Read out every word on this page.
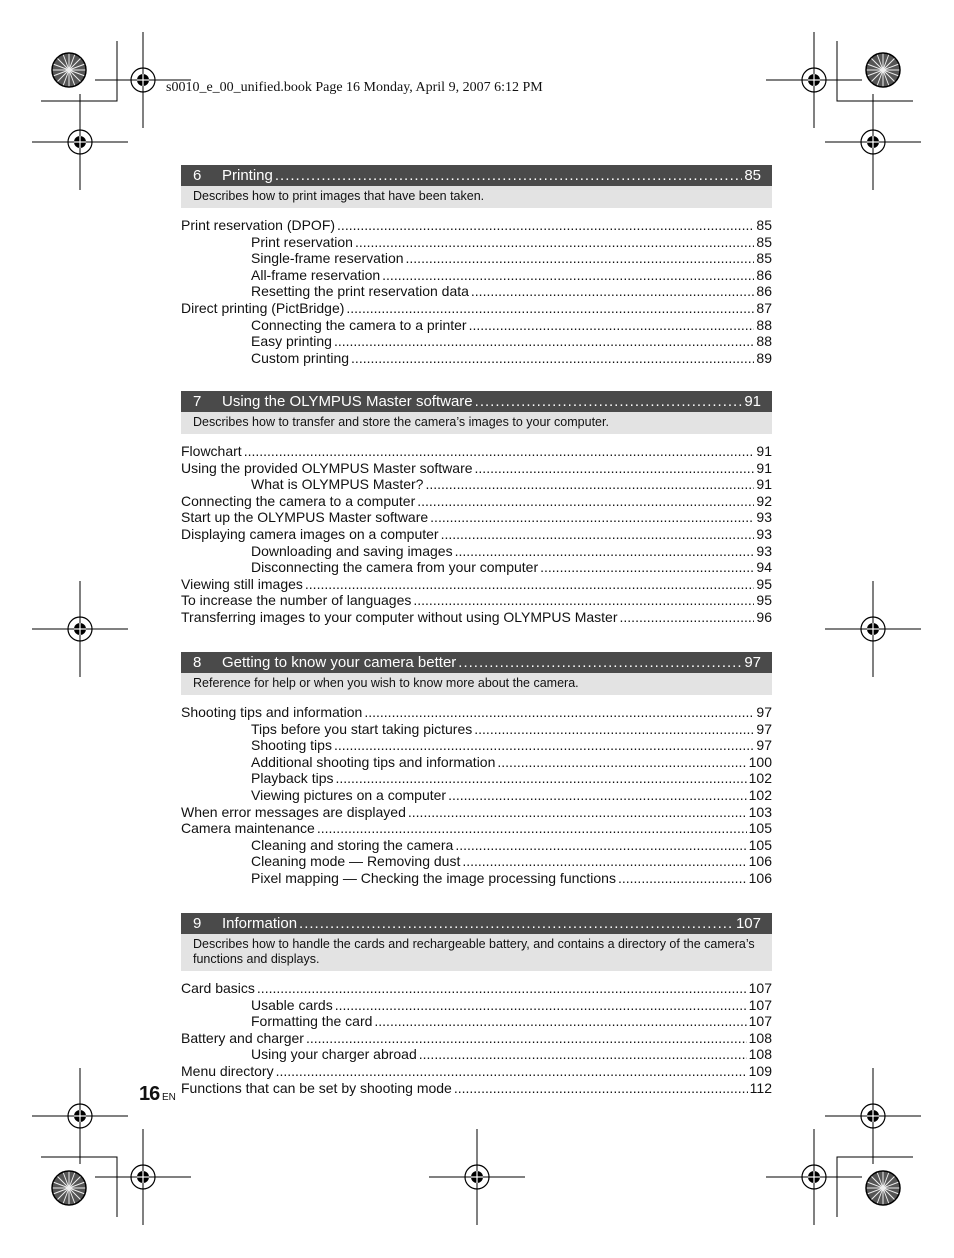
s0010_e_00_unified.book Page 16 Monday, April 9, 2007 6:12 PM
6	Printing .....	85
Describes how to print images that have been taken.
Print reservation (DPOF) .....	85
Print reservation .....	85
Single-frame reservation .....	85
All-frame reservation .....	86
Resetting the print reservation data .....	86
Direct printing (PictBridge) .....	87
Connecting the camera to a printer .....	88
Easy printing .....	88
Custom printing .....	89
7	Using the OLYMPUS Master software .....	91
Describes how to transfer and store the camera’s images to your computer.
Flowchart .....	91
Using the provided OLYMPUS Master software .....	91
What is OLYMPUS Master? .....	91
Connecting the camera to a computer .....	92
Start up the OLYMPUS Master software .....	93
Displaying camera images on a computer .....	93
Downloading and saving images .....	93
Disconnecting the camera from your computer .....	94
Viewing still images .....	95
To increase the number of languages .....	95
Transferring images to your computer without using OLYMPUS Master .....	96
8	Getting to know your camera better .....	97
Reference for help or when you wish to know more about the camera.
Shooting tips and information .....	97
Tips before you start taking pictures .....	97
Shooting tips .....	97
Additional shooting tips and information .....	100
Playback tips .....	102
Viewing pictures on a computer .....	102
When error messages are displayed .....	103
Camera maintenance .....	105
Cleaning and storing the camera .....	105
Cleaning mode — Removing dust .....	106
Pixel mapping — Checking the image processing functions .....	106
9	Information .....	107
Describes how to handle the cards and rechargeable battery, and contains a directory of the camera’s functions and displays.
Card basics .....	107
Usable cards .....	107
Formatting the card .....	107
Battery and charger .....	108
Using your charger abroad .....	108
Menu directory .....	109
Functions that can be set by shooting mode .....	112
16 EN
